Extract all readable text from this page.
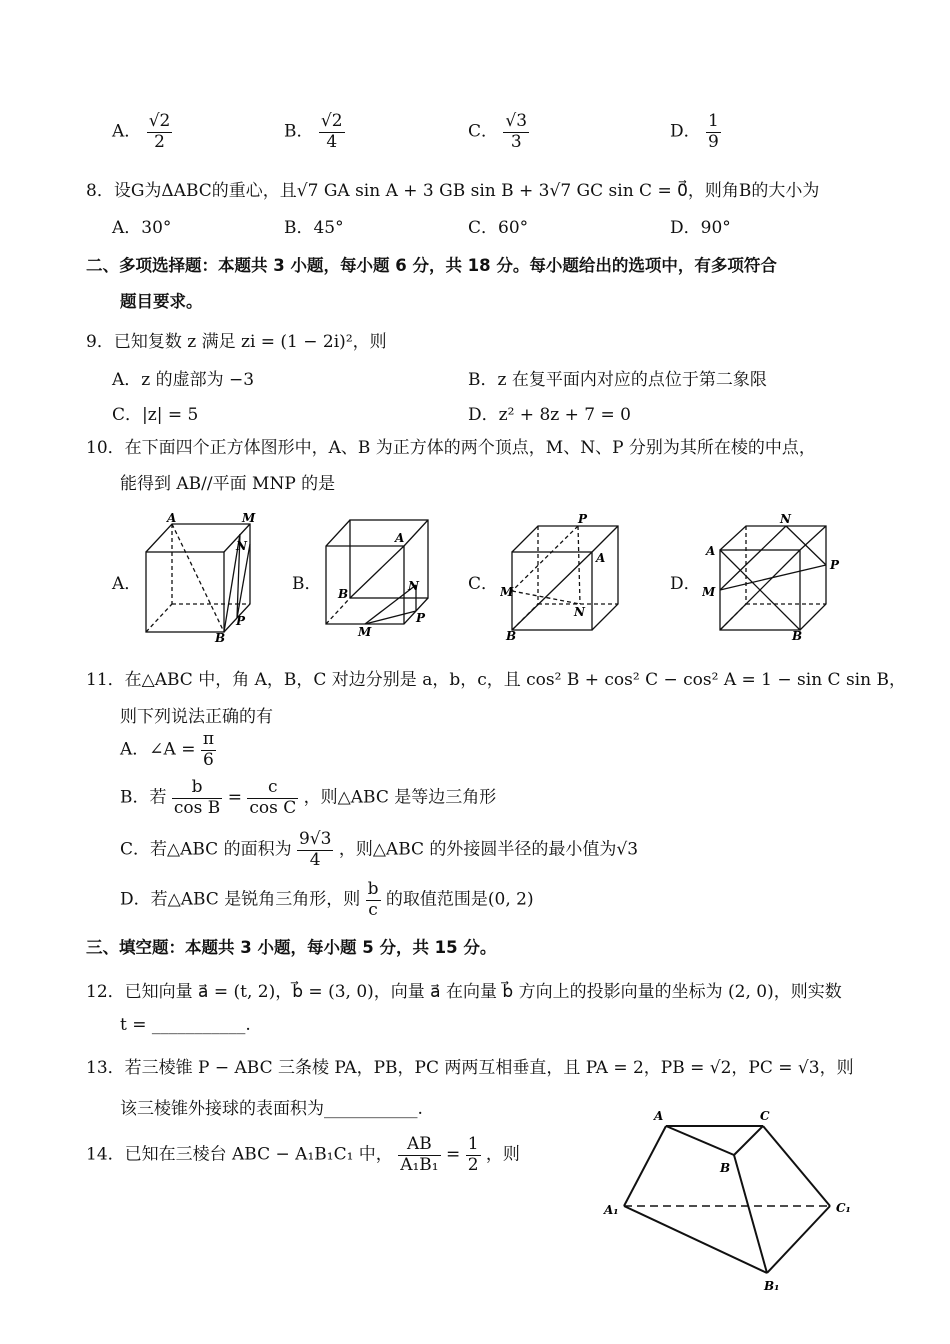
A． $\frac{√2}{2}$	B． $\frac{√2}{4}$	C． $\frac{√3}{3}$	D． $\frac{1}{9}$
8．设G为ΔABC的重心，且√7 GA sin A + 3 GB sin B + 3√7 GC sin C = 0⃗，则角B的大小为
A．30°	B．45°	C．60°	D．90°
二、多项选择题：本题共 3 小题，每小题 6 分，共 18 分。每小题给出的选项中，有多项符合
题目要求。
9．已知复数 z 满足 zi = (1 − 2i)²，则
A．z 的虚部为 −3	B．z 在复平面内对应的点位于第二象限
C．|z| = 5	D．z² + 8z + 7 = 0
10．在下面四个正方体图形中，A、B 为正方体的两个顶点，M、N、P 分别为其所在棱的中点，
能得到 AB//平面 MNP 的是
A．	B．	C．	D．
A	M
N
P
B
A
B
N
M
P
P
A
M
N
B
N
A
P
M
B
11．在△ABC 中，角 A，B，C 对边分别是 a，b，c，且 cos² B + cos² C − cos² A = 1 − sin C sin B，
则下列说法正确的有
A．∠A = $\frac{\pi}{6}$
B．若 $\frac{b}{\text{cos B}} = \frac{c}{\text{cos C}}$ ，则△ABC 是等边三角形
C．若△ABC 的面积为 $\frac{9√3}{4}$ ，则△ABC 的外接圆半径的最小值为√3
D．若△ABC 是锐角三角形，则 $\frac{b}{c}$ 的取值范围是(0, 2)
三、填空题：本题共 3 小题，每小题 5 分，共 15 分。
12．已知向量 a⃗ = (t, 2)，b⃗ = (3, 0)，向量 a⃗ 在向量 b⃗ 方向上的投影向量的坐标为 (2, 0)，则实数
t = ___________.
13．若三棱锥 P − ABC 三条棱 PA，PB，PC 两两互相垂直，且 PA = 2，PB = √2，PC = √3，则
该三棱锥外接球的表面积为___________.
14．已知在三棱台 ABC − A₁B₁C₁ 中， $\frac{AB}{\text{A₁B₁}} = \frac{1}{2}$ ，则
A	C
B
A₁	C₁
B₁
